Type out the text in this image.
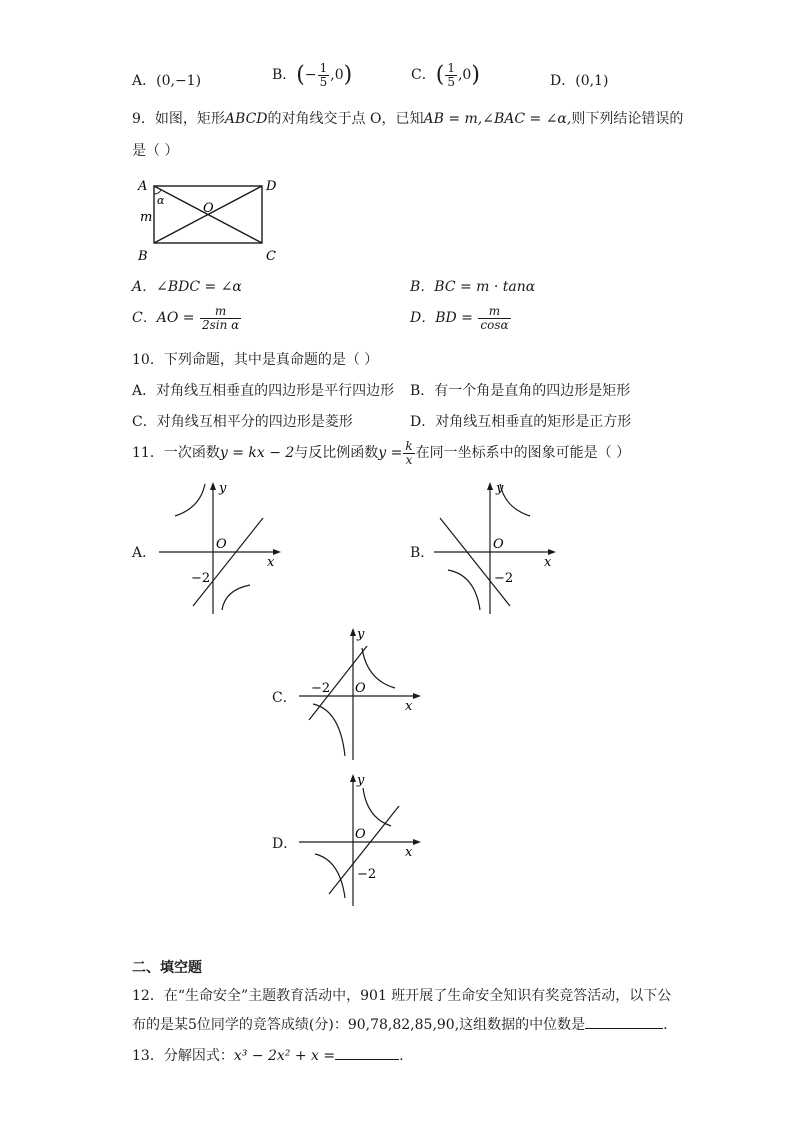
A．(0,−1)	B．(− $\frac{1}{5} ,0$)	C．( $\frac{1}{5} ,0$)	D．(0,1)
9．如图，矩形ABCD的对角线交于点 O，已知AB = m,∠BAC = ∠α,则下列结论错误的
是（ ）
A
B	C
D
O
m
α
A．∠BDC = ∠α	B．BC = m · tanα
C．AO = $\frac{m}{\text{2sin α}}$	D．BD = $\frac{m}{\cos\alpha}$
10．下列命题，其中是真命题的是（ ）
A．对角线互相垂直的四边形是平行四边形 B．有一个角是直角的四边形是矩形
C．对角线互相平分的四边形是菱形	D．对角线互相垂直的矩形是正方形
11．一次函数y = kx − 2与反比例函数$y = \frac{k}{x}$ 在同一坐标系中的图象可能是（ ）
A．
y
x
O
−2
B．
y
x
O
−2
C．
y
x
O
−2
D．
y
x
O
−2
二、填空题
12．在“生命安全”主题教育活动中，901 班开展了生命安全知识有奖竞答活动，以下公
布的是某5位同学的竞答成绩(分)：90,78,82,85,90,这组数据的中位数是	.
13．分解因式：x³ − 2x² + x =	.
